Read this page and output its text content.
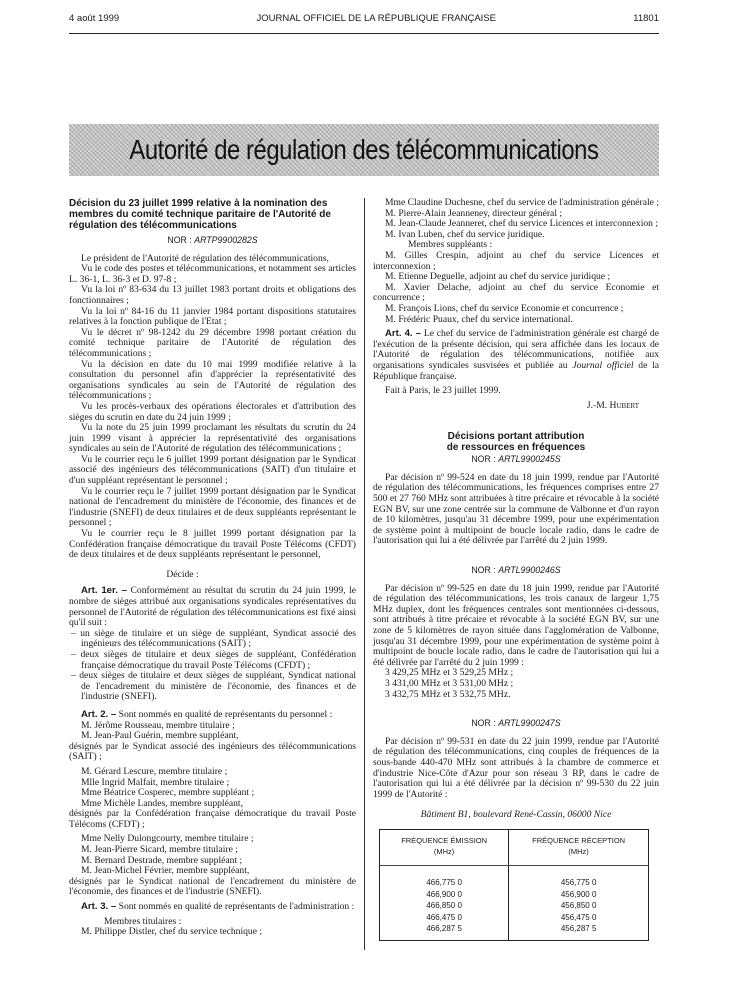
4 août 1999	JOURNAL OFFICIEL DE LA RÉPUBLIQUE FRANÇAISE	11801
Autorité de régulation des télécommunications
Décision du 23 juillet 1999 relative à la nomination des membres du comité technique paritaire de l'Autorité de régulation des télécommunications
NOR : ARTP9900282S

Le président de l'Autorité de régulation des télécommunications,

Vu le code des postes et télécommunications, et notamment ses articles L. 36-1, L. 36-3 et D. 97-8 ;

Vu la loi nº 83-634 du 13 juillet 1983 portant droits et obligations des fonctionnaires ;

Vu la loi nº 84-16 du 11 janvier 1984 portant dispositions statutaires relatives à la fonction publique de l'Etat ;

Vu le décret nº 98-1242 du 29 décembre 1998 portant création du comité technique paritaire de l'Autorité de régulation des télécommunications ;

Vu la décision en date du 10 mai 1999 modifiée relative à la consultation du personnel afin d'apprécier la représentativité des organisations syndicales au sein de l'Autorité de régulation des télécommunications ;

Vu les procès-verbaux des opérations électorales et d'attribution des sièges du scrutin en date du 24 juin 1999 ;

Vu la note du 25 juin 1999 proclamant les résultats du scrutin du 24 juin 1999 visant à apprécier la représentativité des organisations syndicales au sein de l'Autorité de régulation des télécommunications ;

Vu le courrier reçu le 6 juillet 1999 portant désignation par le Syndicat associé des ingénieurs des télécommunications (SAIT) d'un titulaire et d'un suppléant représentant le personnel ;

Vu le courrier reçu le 7 juillet 1999 portant désignation par le Syndicat national de l'encadrement du ministère de l'économie, des finances et de l'industrie (SNEFI) de deux titulaires et de deux suppléants représentant le personnel ;

Vu le courrier reçu le 8 juillet 1999 portant désignation par la Confédération française démocratique du travail Poste Télécoms (CFDT) de deux titulaires et de deux suppléants représentant le personnel,

Décide :

Art. 1er. – Conformément au résultat du scrutin du 24 juin 1999, le nombre de sièges attribué aux organisations syndicales représentatives du personnel de l'Autorité de régulation des télécommunications est fixé ainsi qu'il suit :

– un siège de titulaire et un siège de suppléant, Syndicat associé des ingénieurs des télécommunications (SAIT) ;

– deux sièges de titulaire et deux sièges de suppléant, Confédération française démocratique du travail Poste Télécoms (CFDT) ;

– deux sièges de titulaire et deux sièges de suppléant, Syndicat national de l'encadrement du ministère de l'économie, des finances et de l'industrie (SNEFI).

Art. 2. – Sont nommés en qualité de représentants du personnel :

M. Jérôme Rousseau, membre titulaire ;

M. Jean-Paul Guérin, membre suppléant,

désignés par le Syndicat associé des ingénieurs des télécommunications (SAIT) ;

M. Gérard Lescure, membre titulaire ;

Mlle Ingrid Malfait, membre titulaire ;

Mme Béatrice Cosperec, membre suppléant ;

Mme Michèle Landes, membre suppléant,

désignés par la Confédération française démocratique du travail Poste Télécoms (CFDT) ;

Mme Nelly Dulongcourty, membre titulaire ;

M. Jean-Pierre Sicard, membre titulaire ;

M. Bernard Destrade, membre suppléant ;

M. Jean-Michel Février, membre suppléant,

désignés par le Syndicat national de l'encadrement du ministère de l'économie, des finances et de l'industrie (SNEFI).

Art. 3. – Sont nommés en qualité de représentants de l'administration :

Membres titulaires :

M. Philippe Distler, chef du service technique ;

Mme Claudine Duchesne, chef du service de l'administration générale ;

M. Pierre-Alain Jeanneney, directeur général ;

M. Jean-Claude Jeanneret, chef du service Licences et interconnexion ;

M. Ivan Luben, chef du service juridique.

Membres suppléants :

M. Gilles Crespin, adjoint au chef du service Licences et interconnexion ;

M. Etienne Deguelle, adjoint au chef du service juridique ;

M. Xavier Delache, adjoint au chef du service Economie et concurrence ;

M. François Lions, chef du service Economie et concurrence ;

M. Frédéric Puaux, chef du service international.

Art. 4. – Le chef du service de l'administration générale est chargé de l'exécution de la présente décision, qui sera affichée dans les locaux de l'Autorité de régulation des télécommunications, notifiée aux organisations syndicales susvisées et publiée au Journal officiel de la République française.

Fait à Paris, le 23 juillet 1999.

J.-M. Hubert

Décisions portant attribution
de ressources en fréquences
NOR : ARTL9900245S

Par décision nº 99-524 en date du 18 juin 1999, rendue par l'Autorité de régulation des télécommunications, les fréquences comprises entre 27 500 et 27 760 MHz sont attribuées à titre précaire et révocable à la société EGN BV, sur une zone centrée sur la commune de Valbonne et d'un rayon de 10 kilomètres, jusqu'au 31 décembre 1999, pour une expérimentation de système point à multipoint de boucle locale radio, dans le cadre de l'autorisation qui lui a été délivrée par l'arrêté du 2 juin 1999.

NOR : ARTL9900246S

Par décision nº 99-525 en date du 18 juin 1999, rendue par l'Autorité de régulation des télécommunications, les trois canaux de largeur 1,75 MHz duplex, dont les fréquences centrales sont mentionnées ci-dessous, sont attribués à titre précaire et révocable à la société EGN BV, sur une zone de 5 kilomètres de rayon située dans l'agglomération de Valbonne, jusqu'au 31 décembre 1999, pour une expérimentation de système point à multipoint de boucle locale radio, dans le cadre de l'autorisation qui lui a été délivrée par l'arrêté du 2 juin 1999 :

3 429,25 MHz et 3 529,25 MHz ;

3 431,00 MHz et 3 531,00 MHz ;

3 432,75 MHz et 3 532,75 MHz.

NOR : ARTL9900247S

Par décision nº 99-531 en date du 22 juin 1999, rendue par l'Autorité de régulation des télécommunications, cinq couples de fréquences de la sous-bande 440-470 MHz sont attribués à la chambre de commerce et d'industrie Nice-Côte d'Azur pour son réseau 3 RP, dans le cadre de l'autorisation qui lui a été délivrée par la décision nº 99-530 du 22 juin 1999 de l'Autorité :

Bâtiment B1, boulevard René-Cassin, 06000 Nice

FRÉQUENCE ÉMISSION
(MHz)

FRÉQUENCE RÉCEPTION
(MHz)

466,775 0	456,775 0
466,900 0	456,900 0
466,850 0	456,850 0
466,475 0	456,475 0
466,287 5	456,287 5
